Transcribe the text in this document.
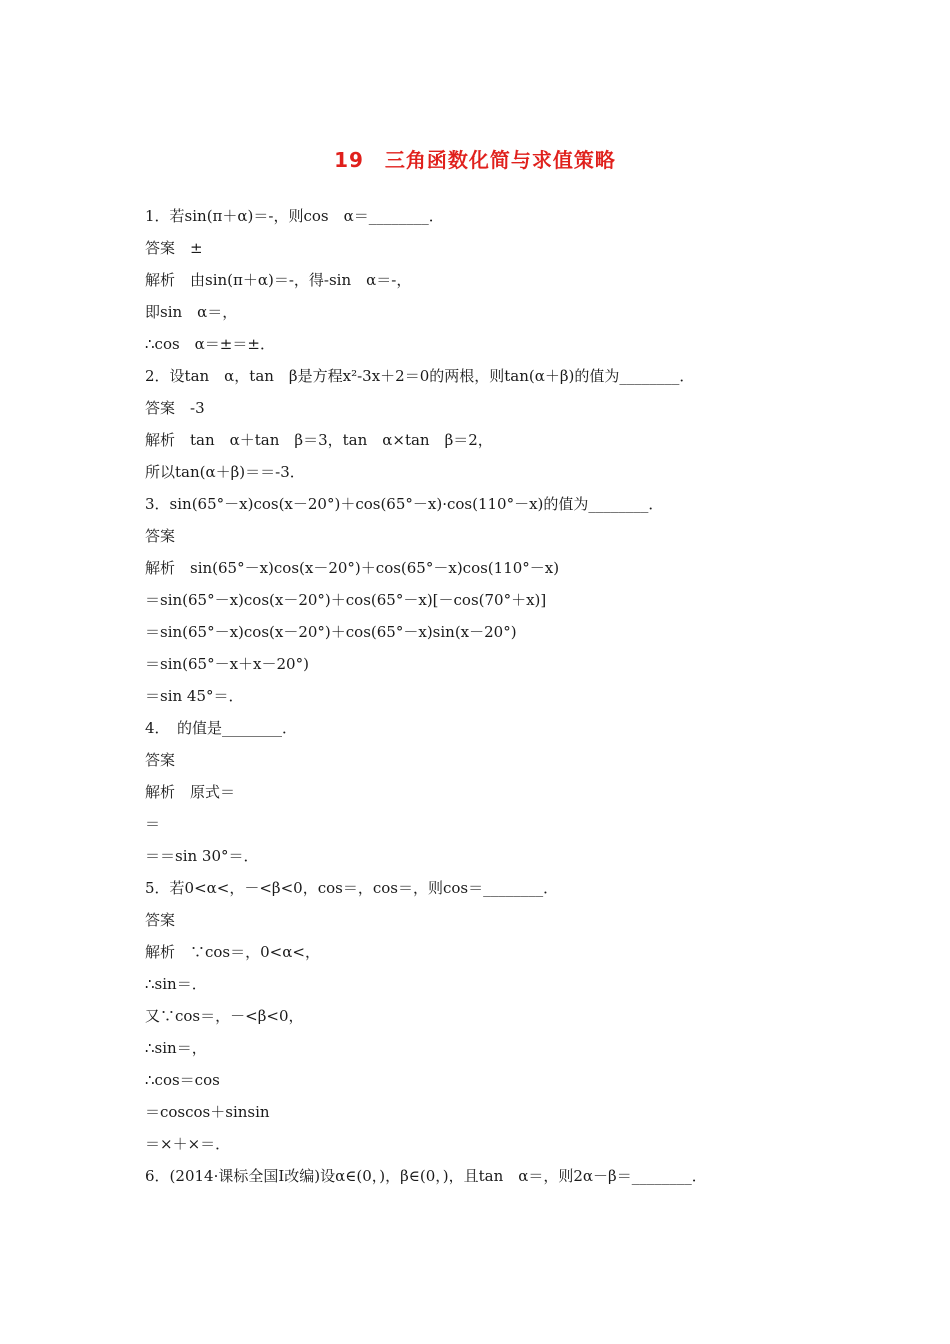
19　三角函数化简与求值策略
1．若sin(π＋α)＝-，则cos　α＝________．
答案　±
解析　由sin(π＋α)＝-，得-sin　α＝-，
即sin　α＝，
∴cos　α＝±＝±．
2．设tan　α，tan　β是方程x²-3x＋2＝0的两根，则tan(α＋β)的值为________．
答案　-3
解析　tan　α＋tan　β＝3，tan　α×tan　β＝2，
所以tan(α＋β)＝＝-3．
3．sin(65°－x)cos(x－20°)＋cos(65°－x)·cos(110°－x)的值为________．
答案
解析　sin(65°－x)cos(x－20°)＋cos(65°－x)cos(110°－x)
＝sin(65°－x)cos(x－20°)＋cos(65°－x)[－cos(70°＋x)]
＝sin(65°－x)cos(x－20°)＋cos(65°－x)sin(x－20°)
＝sin(65°－x＋x－20°)
＝sin 45°＝．
4．　的值是________．
答案
解析　原式＝
＝
＝＝sin 30°＝．
5．若0<α<，－<β<0，cos＝，cos＝，则cos＝________．
答案
解析　∵cos＝，0<α<，
∴sin＝．
又∵cos＝，－<β<0，
∴sin＝，
∴cos＝cos
＝coscos＋sinsin
＝×＋×＝．
6．(2014·课标全国Ⅰ改编)设α∈(0，)，β∈(0，)，且tan　α＝，则2α－β＝________．
